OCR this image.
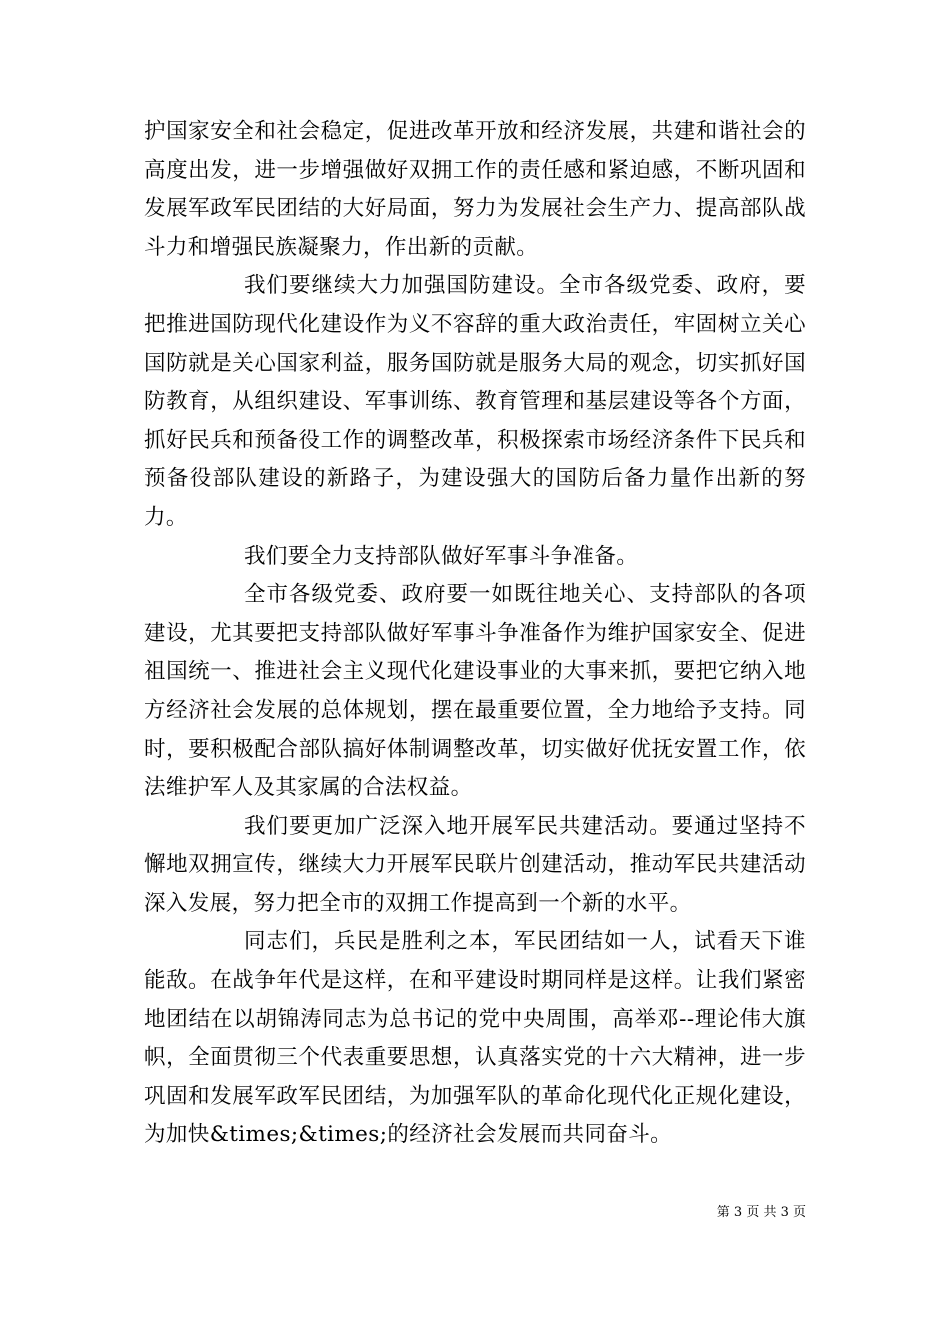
护国家安全和社会稳定，促进改革开放和经济发展，共建和谐社会的高度出发，进一步增强做好双拥工作的责任感和紧迫感，不断巩固和发展军政军民团结的大好局面，努力为发展社会生产力、提高部队战斗力和增强民族凝聚力，作出新的贡献。

我们要继续大力加强国防建设。全市各级党委、政府，要把推进国防现代化建设作为义不容辞的重大政治责任，牢固树立关心国防就是关心国家利益，服务国防就是服务大局的观念，切实抓好国防教育，从组织建设、军事训练、教育管理和基层建设等各个方面，抓好民兵和预备役工作的调整改革，积极探索市场经济条件下民兵和预备役部队建设的新路子，为建设强大的国防后备力量作出新的努力。

我们要全力支持部队做好军事斗争准备。

全市各级党委、政府要一如既往地关心、支持部队的各项建设，尤其要把支持部队做好军事斗争准备作为维护国家安全、促进祖国统一、推进社会主义现代化建设事业的大事来抓，要把它纳入地方经济社会发展的总体规划，摆在最重要位置，全力地给予支持。同时，要积极配合部队搞好体制调整改革，切实做好优抚安置工作，依法维护军人及其家属的合法权益。

我们要更加广泛深入地开展军民共建活动。要通过坚持不懈地双拥宣传，继续大力开展军民联片创建活动，推动军民共建活动深入发展，努力把全市的双拥工作提高到一个新的水平。

同志们，兵民是胜利之本，军民团结如一人，试看天下谁能敌。在战争年代是这样，在和平建设时期同样是这样。让我们紧密地团结在以胡锦涛同志为总书记的党中央周围，高举邓--理论伟大旗帜，全面贯彻三个代表重要思想，认真落实党的十六大精神，进一步巩固和发展军政军民团结，为加强军队的革命化现代化正规化建设，为加快&times;&times;的经济社会发展而共同奋斗。

第 3 页 共 3 页
